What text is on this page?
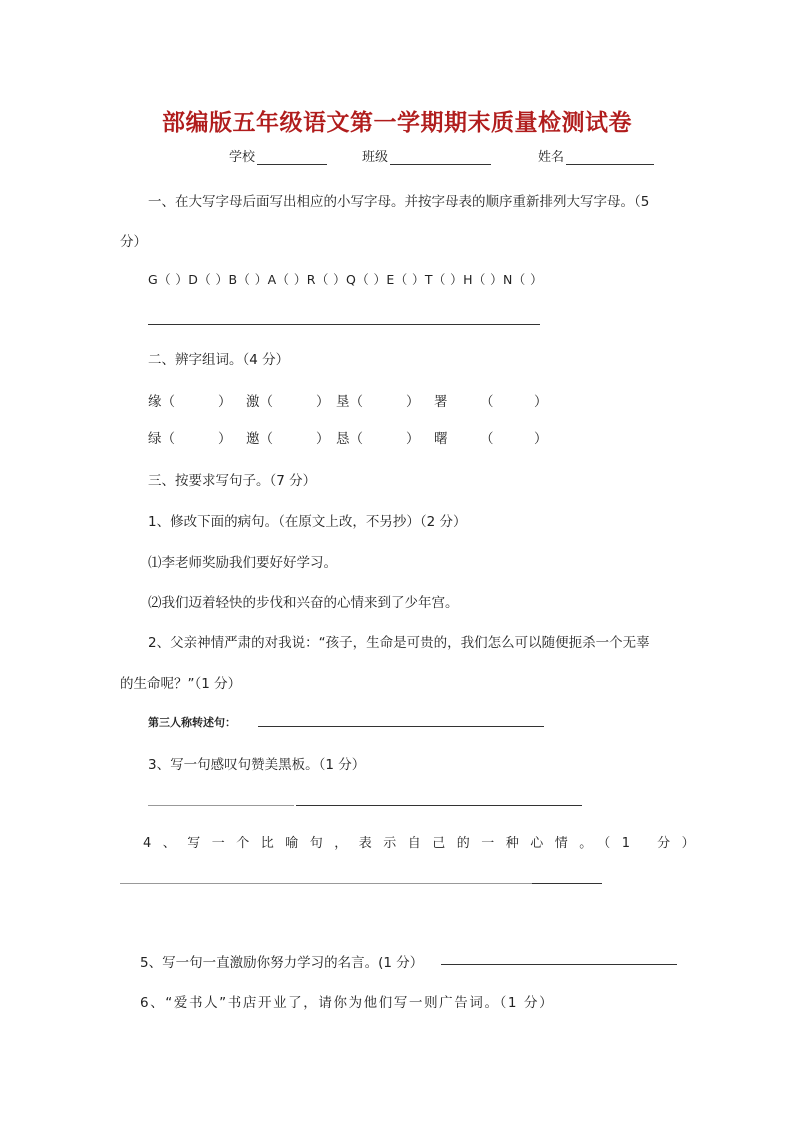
部编版五年级语文第一学期期末质量检测试卷
学校	班级	姓名
一、在大写字母后面写出相应的小写字母。并按字母表的顺序重新排列大写字母。（5
分）
G（ ）D（ ）B（ ）A（ ）R（ ）Q（ ）E（ ）T（ ）H（ ）N（ ）
二、辨字组词。（4 分）
缘（	） 激（	） 垦（	） 署 （	）
绿（	） 邀（	） 恳（	） 曙 （	）
三、按要求写句子。（7 分）
1、修改下面的病句。（在原文上改，不另抄）（2 分）
⑴李老师奖励我们要好好学习。
⑵我们迈着轻快的步伐和兴奋的心情来到了少年宫。
2、父亲神情严肃的对我说：“孩子，生命是可贵的，我们怎么可以随便扼杀一个无辜
的生命呢？”（1 分）
第三人称转述句：
3、写一句感叹句赞美黑板。（1 分）
4、写一个比喻句，表示自己的一种心情。（1 分）
5、写一句一直激励你努力学习的名言。(1 分）
6、“爱书人”书店开业了，请你为他们写一则广告词。（1 分）
